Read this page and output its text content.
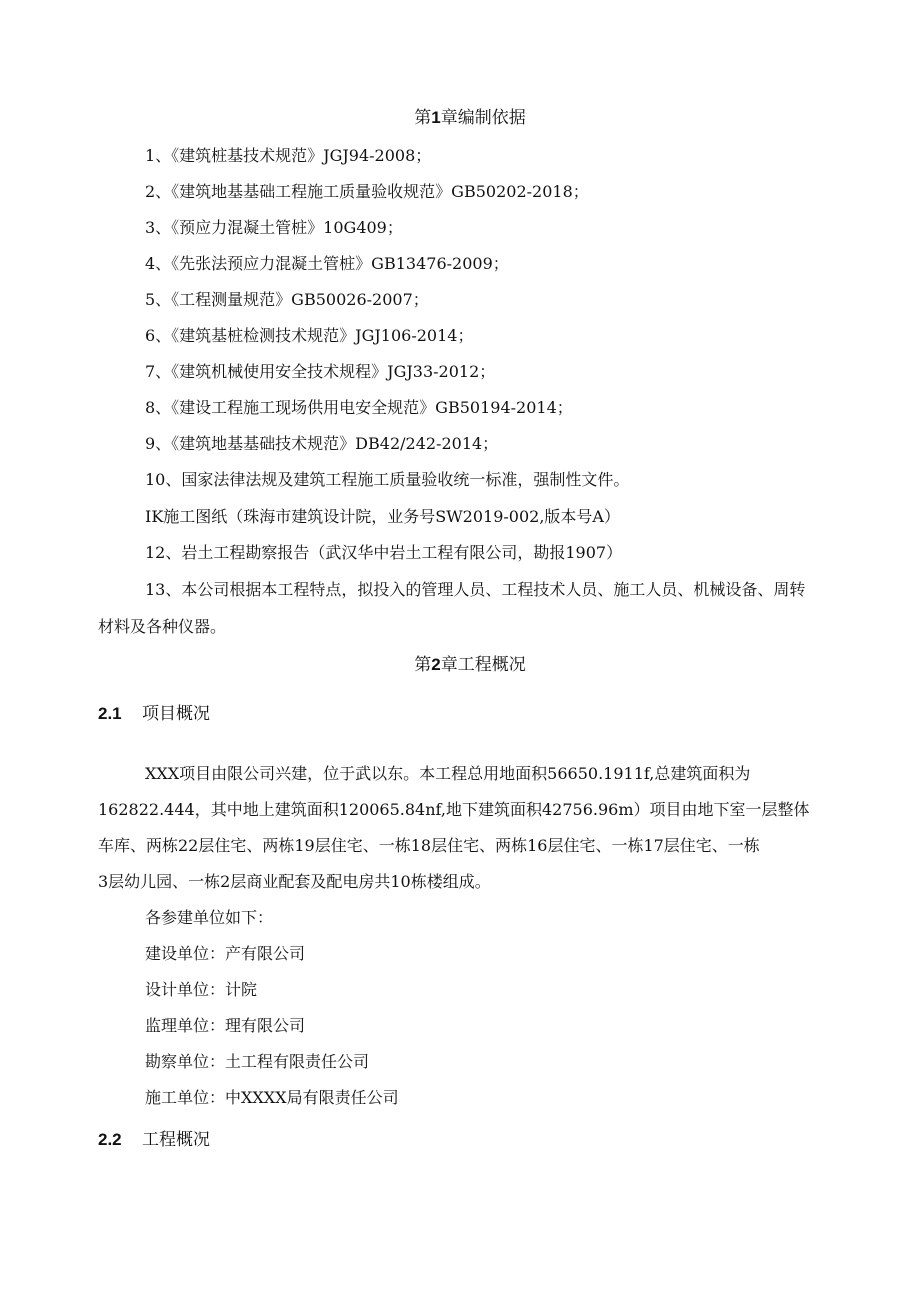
第1章编制依据
1、《建筑桩基技术规范》JGJ94-2008；
2、《建筑地基基础工程施工质量验收规范》GB50202-2018；
3、《预应力混凝土管桩》10G409；
4、《先张法预应力混凝土管桩》GB13476-2009；
5、《工程测量规范》GB50026-2007；
6、《建筑基桩检测技术规范》JGJ106-2014；
7、《建筑机械使用安全技术规程》JGJ33-2012；
8、《建设工程施工现场供用电安全规范》GB50194-2014；
9、《建筑地基基础技术规范》DB42/242-2014；
10、国家法律法规及建筑工程施工质量验收统一标准，强制性文件。
IK施工图纸（珠海市建筑设计院，业务号SW2019-002,版本号A）
12、岩土工程勘察报告（武汉华中岩土工程有限公司，勘报1907）
13、本公司根据本工程特点，拟投入的管理人员、工程技术人员、施工人员、机械设备、周转
材料及各种仪器。
第2章工程概况
2.1 项目概况
XXX项目由限公司兴建，位于武以东。本工程总用地面积56650.1911f,总建筑面积为
162822.444，其中地上建筑面积120065.84nf,地下建筑面积42756.96m）项目由地下室一层整体
车库、两栋22层住宅、两栋19层住宅、一栋18层住宅、两栋16层住宅、一栋17层住宅、一栋
3层幼儿园、一栋2层商业配套及配电房共10栋楼组成。
各参建单位如下：
建设单位：产有限公司
设计单位：计院
监理单位：理有限公司
勘察单位：土工程有限责任公司
施工单位：中XXXX局有限责任公司
2.2 工程概况
